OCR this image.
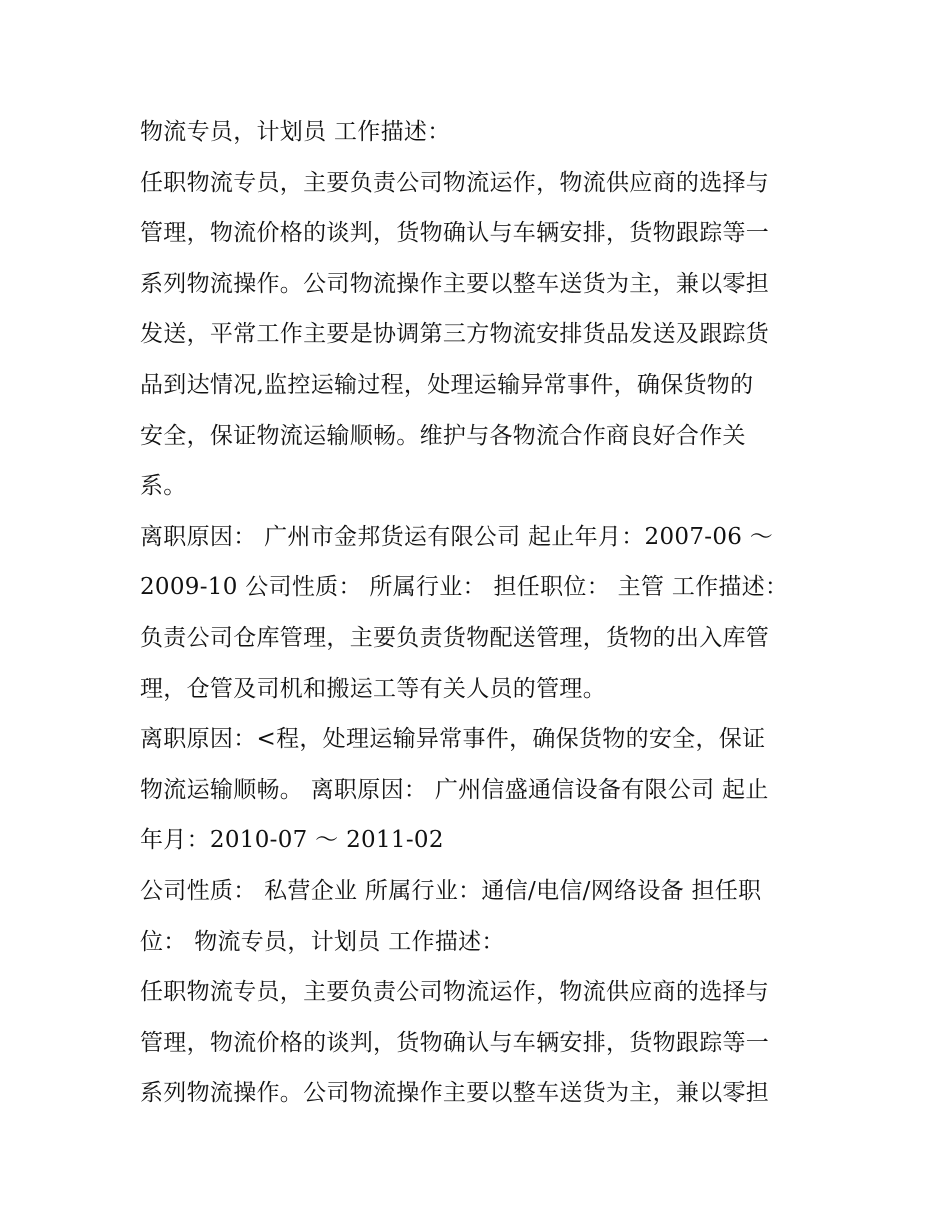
物流专员，计划员 工作描述：
任职物流专员，主要负责公司物流运作，物流供应商的选择与
管理，物流价格的谈判，货物确认与车辆安排，货物跟踪等一
系列物流操作。公司物流操作主要以整车送货为主，兼以零担
发送，平常工作主要是协调第三方物流安排货品发送及跟踪货
品到达情况,监控运输过程，处理运输异常事件，确保货物的
安全，保证物流运输顺畅。维护与各物流合作商良好合作关
系。
离职原因： 广州市金邦货运有限公司 起止年月：2007-06 ～
2009-10 公司性质： 所属行业： 担任职位： 主管 工作描述：
负责公司仓库管理，主要负责货物配送管理，货物的出入库管
理，仓管及司机和搬运工等有关人员的管理。
离职原因：<程，处理运输异常事件，确保货物的安全，保证
物流运输顺畅。 离职原因： 广州信盛通信设备有限公司 起止
年月：2010-07 ～ 2011-02
公司性质： 私营企业 所属行业：通信/电信/网络设备 担任职
位： 物流专员，计划员 工作描述：
任职物流专员，主要负责公司物流运作，物流供应商的选择与
管理，物流价格的谈判，货物确认与车辆安排，货物跟踪等一
系列物流操作。公司物流操作主要以整车送货为主，兼以零担
